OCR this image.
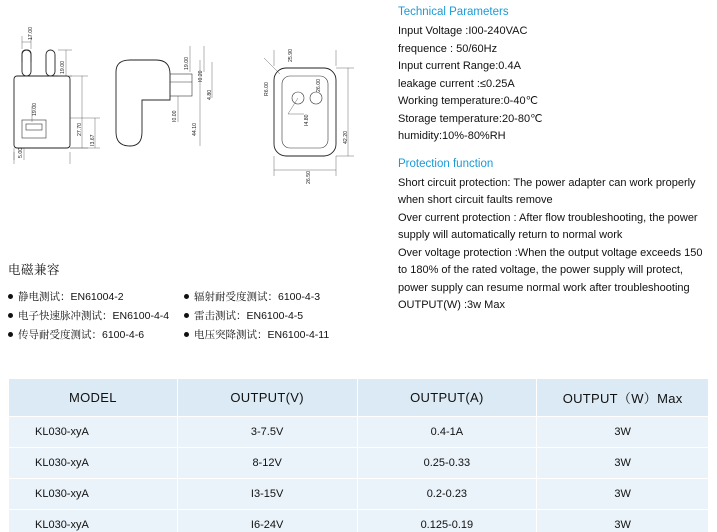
17.00
19.00
19.00
5.00
27.70
I3.67
19.00
I0.20
I0.00
4.80
44.10
R6.00
I4.80
25.90
26.00
42.20
26.50
电磁兼容
静电测试：EN61004-2	辐射耐受度测试：6100-4-3
电子快速脉冲测试：EN6100-4-4 雷击测试：EN6100-4-5
传导耐受度测试：6100-4-6	电压突降测试：EN6100-4-11
Technical Parameters
Input Voltage :I00-240VAC
frequence : 50/60Hz
Input current Range:0.4A
leakage current :≤0.25A
Working temperature:0-40℃
Storage temperature:20-80℃
humidity:10%-80%RH
Protection function
Short circuit protection: The power adapter can work properly when short circuit faults remove
Over current protection : After flow troubleshooting, the power supply will automatically return to normal work
Over voltage protection :When the output voltage exceeds 150 to 180% of the rated voltage, the power supply will protect, power supply can resume normal work after troubleshooting
OUTPUT(W) :3w Max
MODEL	OUTPUT(V)	OUTPUT(A)	OUTPUT（W）Max
KL030-xyA	3-7.5V	0.4-1A	3W
KL030-xyA	8-12V	0.25-0.33	3W
KL030-xyA	I3-15V	0.2-0.23	3W
KL030-xyA	I6-24V	0.125-0.19	3W
